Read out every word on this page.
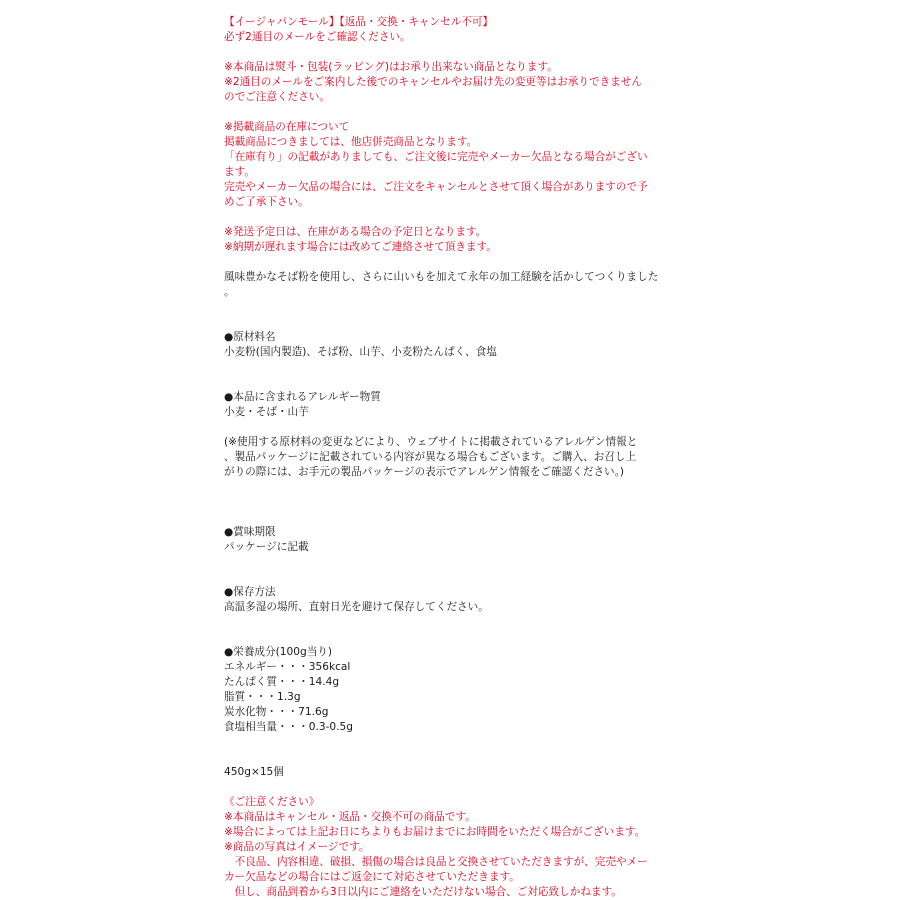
【イージャパンモール】【返品・交換・キャンセル不可】
必ず2通目のメールをご確認ください。
※本商品は熨斗・包装(ラッピング)はお承り出来ない商品となります。
※2通目のメールをご案内した後でのキャンセルやお届け先の変更等はお承りできません
のでご注意ください。
※掲載商品の在庫について
掲載商品につきましては、他店併売商品となります。
「在庫有り」の記載がありましても、ご注文後に完売やメーカー欠品となる場合がござい
ます。
完売やメーカー欠品の場合には、ご注文をキャンセルとさせて頂く場合がありますので予
めご了承下さい。
※発送予定日は、在庫がある場合の予定日となります。
※納期が遅れます場合には改めてご連絡させて頂きます。
風味豊かなそば粉を使用し、さらに山いもを加えて永年の加工経験を活かしてつくりました
。
●原材料名
小麦粉(国内製造)、そば粉、山芋、小麦粉たんぱく、食塩
●本品に含まれるアレルギー物質
小麦・そば・山芋
(※使用する原材料の変更などにより、ウェブサイトに掲載されているアレルゲン情報と
、製品パッケージに記載されている内容が異なる場合もございます。ご購入、お召し上
がりの際には、お手元の製品パッケージの表示でアレルゲン情報をご確認ください。)
●賞味期限
パッケージに記載
●保存方法
高温多湿の場所、直射日光を避けて保存してください。
●栄養成分(100g当り)
エネルギー・・・356kcal
たんぱく質・・・14.4g
脂質・・・1.3g
炭水化物・・・71.6g
食塩相当量・・・0.3-0.5g
450g×15個
《ご注意ください》
※本商品はキャンセル・返品・交換不可の商品です。
※場合によっては上記お日にちよりもお届けまでにお時間をいただく場合がございます。
※商品の写真はイメージです。
　不良品、内容相違、破損、損傷の場合は良品と交換させていただきますが、完売やメー
カー欠品などの場合にはご返金にて対応させていただきます。
　但し、商品到着から3日以内にご連絡をいただけない場合、ご対応致しかねます。
